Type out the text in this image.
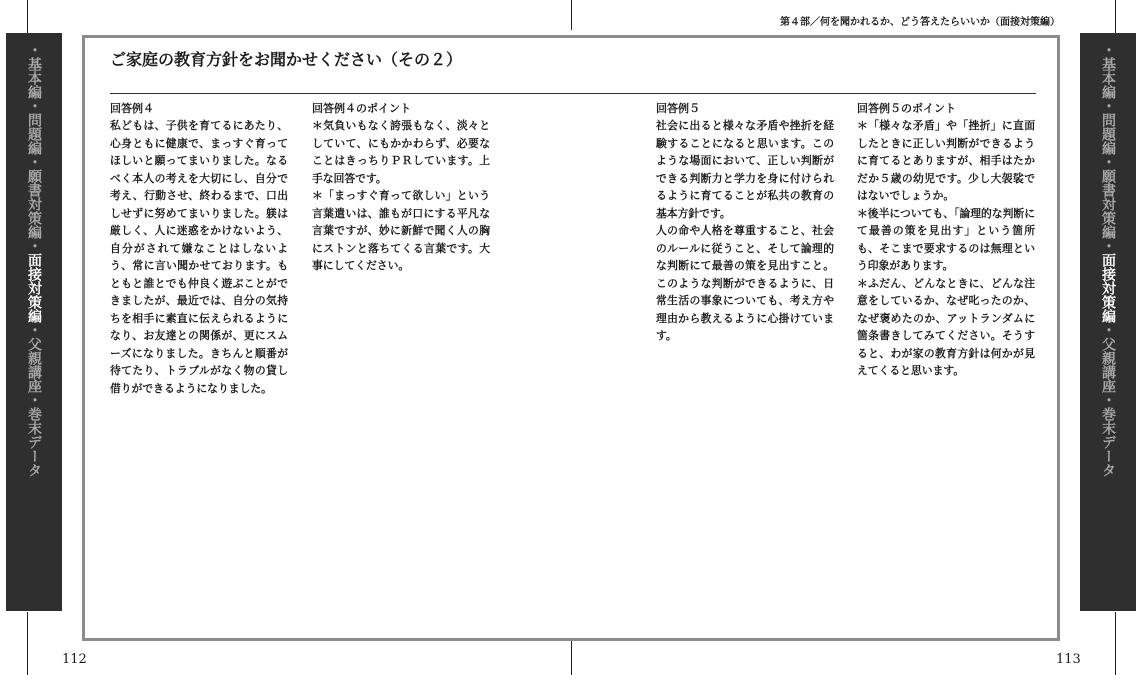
・基本編・問題編・願書対策編・面接対策編・父親講座・巻末データ
・基本編・問題編・願書対策編・面接対策編・父親講座・巻末データ
第４部／何を聞かれるか、どう答えたらいいか（面接対策編）
ご家庭の教育方針をお聞かせください（その２）
回答例４

私どもは、子供を育てるにあたり、心身ともに健康で、まっすぐ育ってほしいと願ってまいりました。なるべく本人の考えを大切にし、自分で考え、行動させ、終わるまで、口出しせずに努めてまいりました。躾は厳しく、人に迷惑をかけないよう、自分がされて嫌なことはしないよう、常に言い聞かせております。もともと誰とでも仲良く遊ぶことができましたが、最近では、自分の気持ちを相手に素直に伝えられるようになり、お友達との関係が、更にスムーズになりました。きちんと順番が待てたり、トラブルがなく物の貸し借りができるようになりました。

回答例４のポイント

＊気負いもなく誇張もなく、淡々としていて、にもかかわらず、必要なことはきっちりＰＲしています。上手な回答です。

＊「まっすぐ育って欲しい」という言葉遣いは、誰もが口にする平凡な言葉ですが、妙に新鮮で聞く人の胸にストンと落ちてくる言葉です。大事にしてください。

回答例５

社会に出ると様々な矛盾や挫折を経験することになると思います。このような場面において、正しい判断ができる判断力と学力を身に付けられるように育てることが私共の教育の基本方針です。

人の命や人格を尊重すること、社会のルールに従うこと、そして論理的な判断にて最善の策を見出すこと。このような判断ができるように、日常生活の事象についても、考え方や理由から教えるように心掛けています。

回答例５のポイント

＊「様々な矛盾」や「挫折」に直面したときに正しい判断ができるように育てるとありますが、相手はたかだか５歳の幼児です。少し大袈裟ではないでしょうか。

＊後半についても、「論理的な判断にて最善の策を見出す」という箇所も、そこまで要求するのは無理という印象があります。

＊ふだん、どんなときに、どんな注意をしているか、なぜ叱ったのか、なぜ褒めたのか、アットランダムに箇条書きしてみてください。そうすると、わが家の教育方針は何かが見えてくると思います。

112	113
